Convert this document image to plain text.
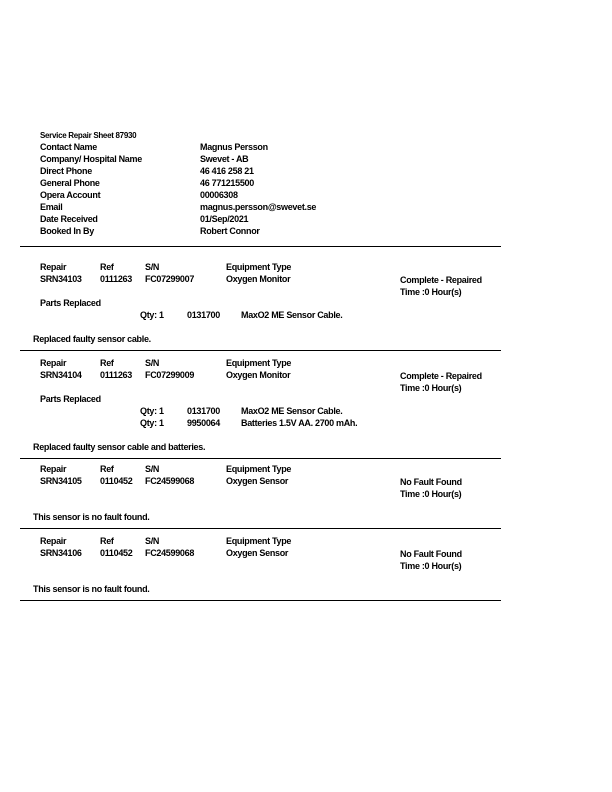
Service Repair Sheet 87930
Contact Name	Magnus Persson
Company/ Hospital Name	Swevet - AB
Direct Phone	46 416 258 21
General Phone	46 771215500
Opera Account	00006308
Email	magnus.persson@swevet.se
Date Received	01/Sep/2021
Booked In By	Robert Connor
Repair	Ref	S/N	Equipment Type
SRN34103 0111263 FC07299007	Oxygen Monitor	Complete - Repaired
Time :0 Hour(s)
Parts Replaced
Qty: 1	0131700 MaxO2 ME Sensor Cable.
Replaced faulty sensor cable.
Repair	Ref	S/N	Equipment Type
SRN34104 0111263 FC07299009	Oxygen Monitor	Complete - Repaired
Time :0 Hour(s)
Parts Replaced
Qty: 1	0131700 MaxO2 ME Sensor Cable.
Qty: 1	9950064 Batteries 1.5V AA. 2700 mAh.
Replaced faulty sensor cable and batteries.
Repair	Ref	S/N	Equipment Type
SRN34105 0110452 FC24599068	Oxygen Sensor	No Fault Found
Time :0 Hour(s)
This sensor is no fault found.
Repair	Ref	S/N	Equipment Type
SRN34106 0110452 FC24599068	Oxygen Sensor	No Fault Found
Time :0 Hour(s)
This sensor is no fault found.
